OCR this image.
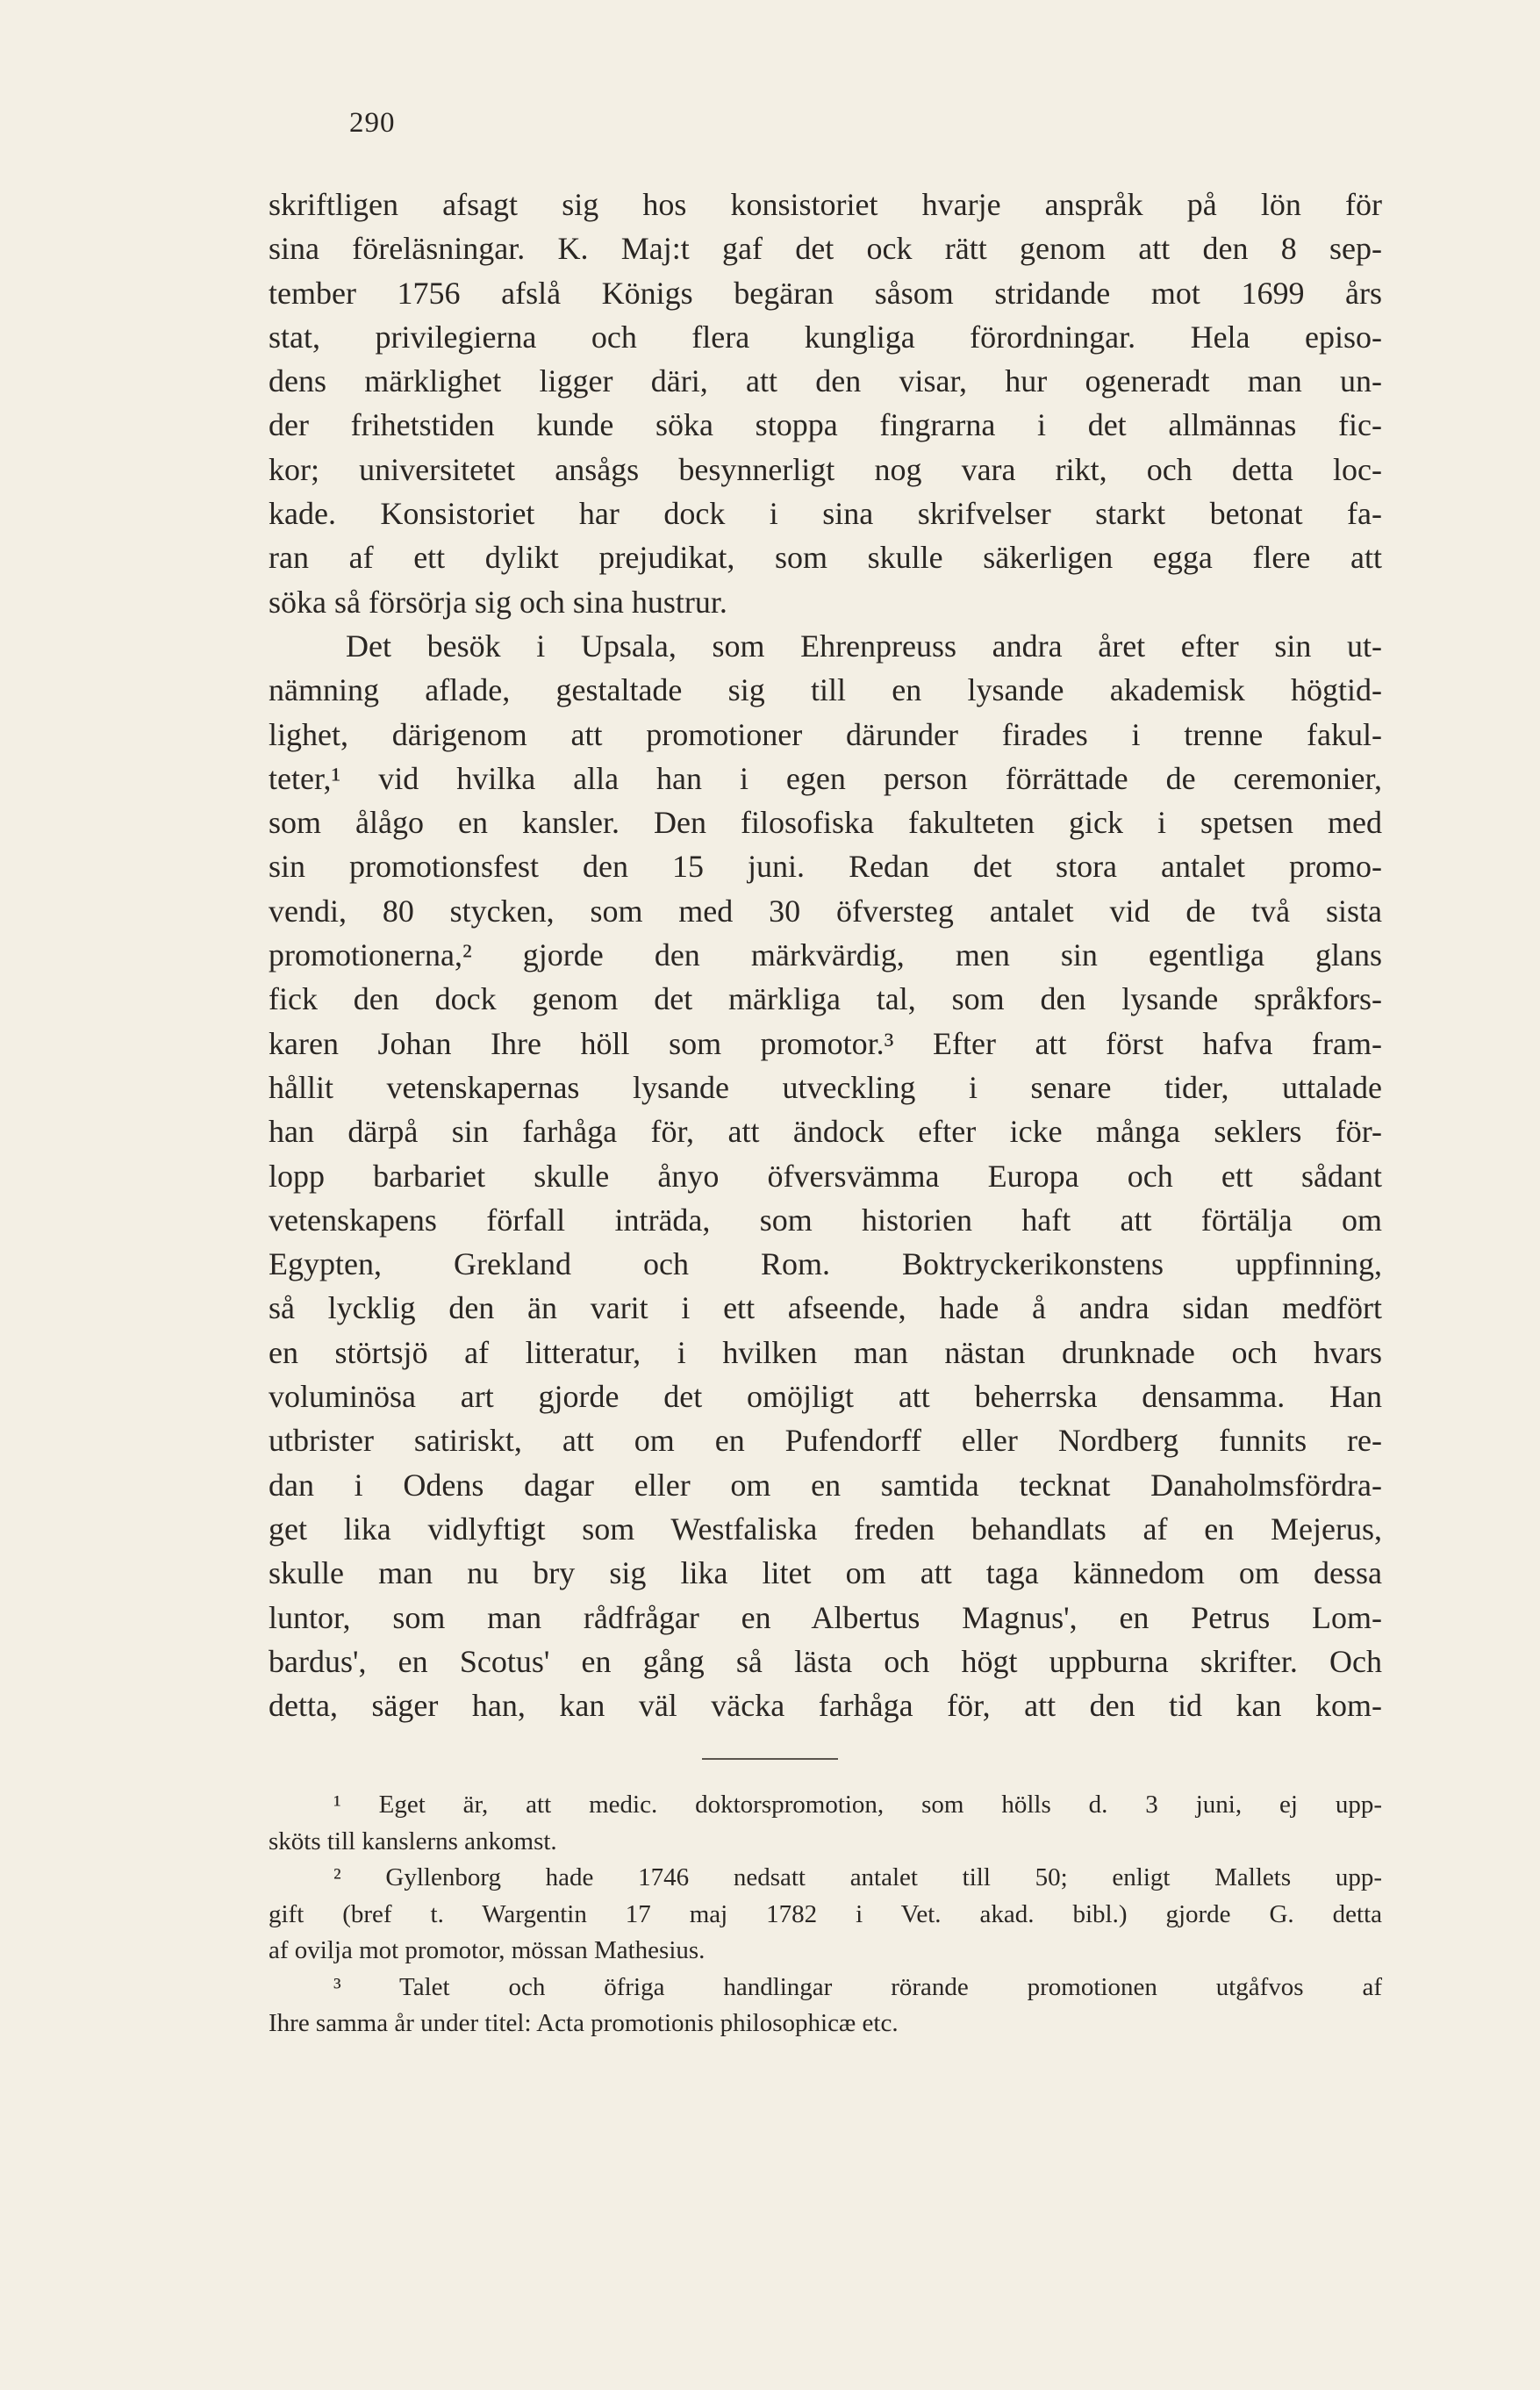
290
skriftligen afsagt sig hos konsistoriet hvarje anspråk på lön för
sina föreläsningar. K. Maj:t gaf det ock rätt genom att den 8 sep-
tember 1756 afslå Königs begäran såsom stridande mot 1699 års
stat, privilegierna och flera kungliga förordningar. Hela episo-
dens märklighet ligger däri, att den visar, hur ogeneradt man un-
der frihetstiden kunde söka stoppa fingrarna i det allmännas fic-
kor; universitetet ansågs besynnerligt nog vara rikt, och detta loc-
kade. Konsistoriet har dock i sina skrifvelser starkt betonat fa-
ran af ett dylikt prejudikat, som skulle säkerligen egga flere att
söka så försörja sig och sina hustrur.
Det besök i Upsala, som Ehrenpreuss andra året efter sin ut-
nämning aflade, gestaltade sig till en lysande akademisk högtid-
lighet, därigenom att promotioner därunder firades i trenne fakul-
teter,¹ vid hvilka alla han i egen person förrättade de ceremonier,
som ålågo en kansler. Den filosofiska fakulteten gick i spetsen med
sin promotionsfest den 15 juni. Redan det stora antalet promo-
vendi, 80 stycken, som med 30 öfversteg antalet vid de två sista
promotionerna,² gjorde den märkvärdig, men sin egentliga glans
fick den dock genom det märkliga tal, som den lysande språkfors-
karen Johan Ihre höll som promotor.³ Efter att först hafva fram-
hållit vetenskapernas lysande utveckling i senare tider, uttalade
han därpå sin farhåga för, att ändock efter icke många seklers för-
lopp barbariet skulle ånyo öfversvämma Europa och ett sådant
vetenskapens förfall inträda, som historien haft att förtälja om
Egypten, Grekland och Rom. Boktryckerikonstens uppfinning,
så lycklig den än varit i ett afseende, hade å andra sidan medfört
en störtsjö af litteratur, i hvilken man nästan drunknade och hvars
voluminösa art gjorde det omöjligt att beherrska densamma. Han
utbrister satiriskt, att om en Pufendorff eller Nordberg funnits re-
dan i Odens dagar eller om en samtida tecknat Danaholmsfördra-
get lika vidlyftigt som Westfaliska freden behandlats af en Mejerus,
skulle man nu bry sig lika litet om att taga kännedom om dessa
luntor, som man rådfrågar en Albertus Magnus', en Petrus Lom-
bardus', en Scotus' en gång så lästa och högt uppburna skrifter. Och
detta, säger han, kan väl väcka farhåga för, att den tid kan kom-
¹ Eget är, att medic. doktorspromotion, som hölls d. 3 juni, ej upp-
sköts till kanslerns ankomst.
² Gyllenborg hade 1746 nedsatt antalet till 50; enligt Mallets upp-
gift (bref t. Wargentin 17 maj 1782 i Vet. akad. bibl.) gjorde G. detta
af ovilja mot promotor, mössan Mathesius.
³ Talet och öfriga handlingar rörande promotionen utgåfvos af
Ihre samma år under titel: Acta promotionis philosophicæ etc.
